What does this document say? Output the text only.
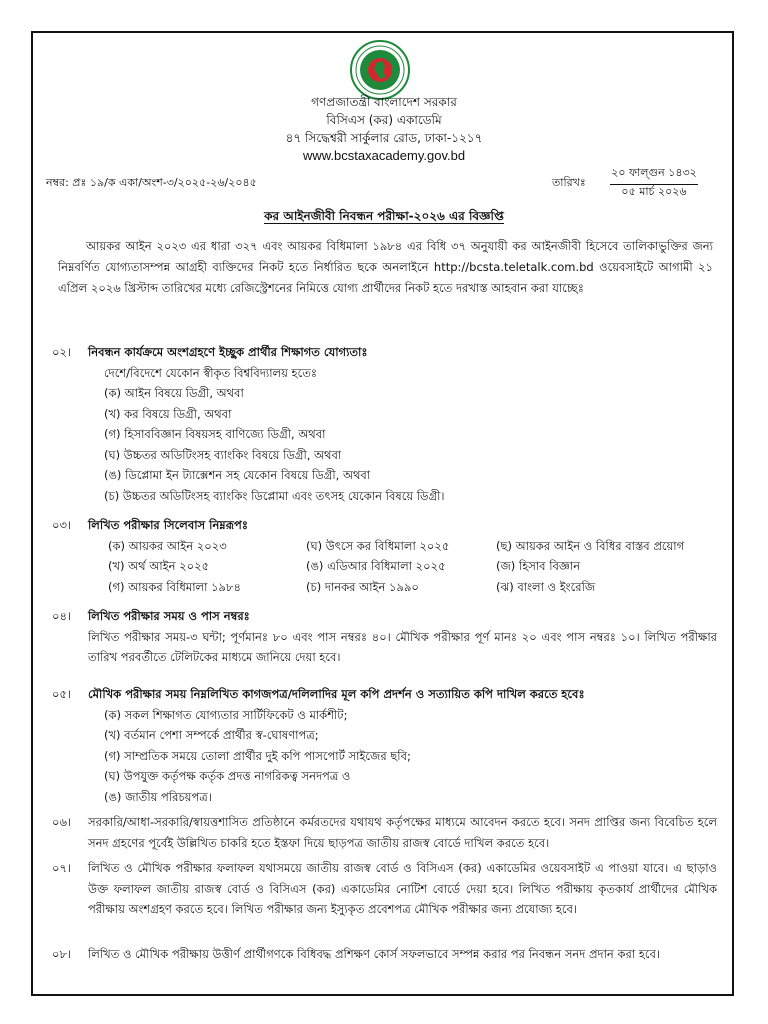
গণপ্রজাতন্ত্রী বাংলাদেশ সরকার
বিসিএস (কর) একাডেমি
৪৭ সিদ্ধেশ্বরী সার্কুলার রোড, ঢাকা-১২১৭
www.bcstaxacademy.gov.bd
নম্বর: প্রঃ ১৯/ক একা/অংশ-৩/২০২৫-২৬/২০৪৫	তারিখঃ
২০ ফাল্গুন ১৪৩২
০৫ মার্চ ২০২৬
কর আইনজীবী নিবন্ধন পরীক্ষা-২০২৬ এর বিজ্ঞপ্তি
আয়কর আইন ২০২৩ এর ধারা ৩২৭ এবং আয়কর বিধিমালা ১৯৮৪ এর বিধি ৩৭ অনুযায়ী কর আইনজীবী হিসেবে তালিকাভুক্তির জন্য নিম্নবর্ণিত যোগ্যতাসম্পন্ন আগ্রহী ব্যক্তিদের নিকট হতে নির্ধারিত ছকে অনলাইনে http://bcsta.teletalk.com.bd ওয়েবসাইটে আগামী ২১ এপ্রিল ২০২৬ খ্রিস্টাব্দ তারিখের মধ্যে রেজিস্ট্রেশনের নিমিত্তে যোগ্য প্রার্থীদের নিকট হতে দরখাস্ত আহবান করা যাচ্ছেঃ
০২।	নিবন্ধন কার্যক্রমে অংশগ্রহণে ইচ্ছুক প্রার্থীর শিক্ষাগত যোগ্যতাঃ
দেশে/বিদেশে যেকোন স্বীকৃত বিশ্ববিদ্যালয় হতেঃ
(ক) আইন বিষয়ে ডিগ্রী, অথবা
(খ) কর বিষয়ে ডিগ্রী, অথবা
(গ) হিসাববিজ্ঞান বিষয়সহ বাণিজ্যে ডিগ্রী, অথবা
(ঘ) উচ্চতর অডিটিংসহ ব্যাংকিং বিষয়ে ডিগ্রী, অথবা
(ঙ) ডিপ্লোমা ইন ট্যাক্সেশন সহ যেকোন বিষয়ে ডিগ্রী, অথবা
(চ) উচ্চতর অডিটিংসহ ব্যাংকিং ডিপ্লোমা এবং তৎসহ যেকোন বিষয়ে ডিগ্রী।
০৩।	লিখিত পরীক্ষার সিলেবাস নিম্নরূপঃ
(ক) আয়কর আইন ২০২৩	(ঘ) উৎসে কর বিধিমালা ২০২৫	(ছ) আয়কর আইন ও বিধির বাস্তব প্রয়োগ
(খ) অর্থ আইন ২০২৫	(ঙ) এডিআর বিধিমালা ২০২৫	(জ) হিসাব বিজ্ঞান
(গ) আয়কর বিধিমালা ১৯৮৪	(চ) দানকর আইন ১৯৯০	(ঝ) বাংলা ও ইংরেজি
০৪।	লিখিত পরীক্ষার সময় ও পাস নম্বরঃ
লিখিত পরীক্ষার সময়-৩ ঘন্টা; পূর্ণমানঃ ৮০ এবং পাস নম্বরঃ ৪০। মৌখিক পরীক্ষার পূর্ণ মানঃ ২০ এবং পাস নম্বরঃ ১০। লিখিত পরীক্ষার তারিখ পরবর্তীতে টেলিটকের মাধ্যমে জানিয়ে দেয়া হবে।
০৫।	মৌখিক পরীক্ষার সময় নিম্নলিখিত কাগজপত্র/দলিলাদির মূল কপি প্রদর্শন ও সত্যায়িত কপি দাখিল করতে হবেঃ
(ক) সকল শিক্ষাগত যোগ্যতার সার্টিফিকেট ও মার্কশীট;
(খ) বর্তমান পেশা সম্পর্কে প্রার্থীর স্ব-ঘোষণাপত্র;
(গ) সাম্প্রতিক সময়ে তোলা প্রার্থীর দুই কপি পাসপোর্ট সাইজের ছবি;
(ঘ) উপযুক্ত কর্তৃপক্ষ কর্তৃক প্রদত্ত নাগরিকত্ব সনদপত্র ও
(ঙ) জাতীয় পরিচয়পত্র।
০৬।	সরকারি/আধা-সরকারি/স্বায়ত্তশাসিত প্রতিষ্ঠানে কর্মরতদের যথাযথ কর্তৃপক্ষের মাধ্যমে আবেদন করতে হবে। সনদ প্রাপ্তির জন্য বিবেচিত হলে সনদ গ্রহণের পূর্বেই উল্লিখিত চাকরি হতে ইস্তফা দিয়ে ছাড়পত্র জাতীয় রাজস্ব বোর্ডে দাখিল করতে হবে।
০৭।	লিখিত ও মৌখিক পরীক্ষার ফলাফল যথাসময়ে জাতীয় রাজস্ব বোর্ড ও বিসিএস (কর) একাডেমির ওয়েবসাইট এ পাওয়া যাবে। এ ছাড়াও উক্ত ফলাফল জাতীয় রাজস্ব বোর্ড ও বিসিএস (কর) একাডেমির নোটিশ বোর্ডে দেয়া হবে। লিখিত পরীক্ষায় কৃতকার্য প্রার্থীদের মৌখিক পরীক্ষায় অংশগ্রহণ করতে হবে। লিখিত পরীক্ষার জন্য ইস্যুকৃত প্রবেশপত্র মৌখিক পরীক্ষার জন্য প্রযোজ্য হবে।
০৮।	লিখিত ও মৌখিক পরীক্ষায় উত্তীর্ণ প্রার্থীগণকে বিধিবদ্ধ প্রশিক্ষণ কোর্স সফলভাবে সম্পন্ন করার পর নিবন্ধন সনদ প্রদান করা হবে।
